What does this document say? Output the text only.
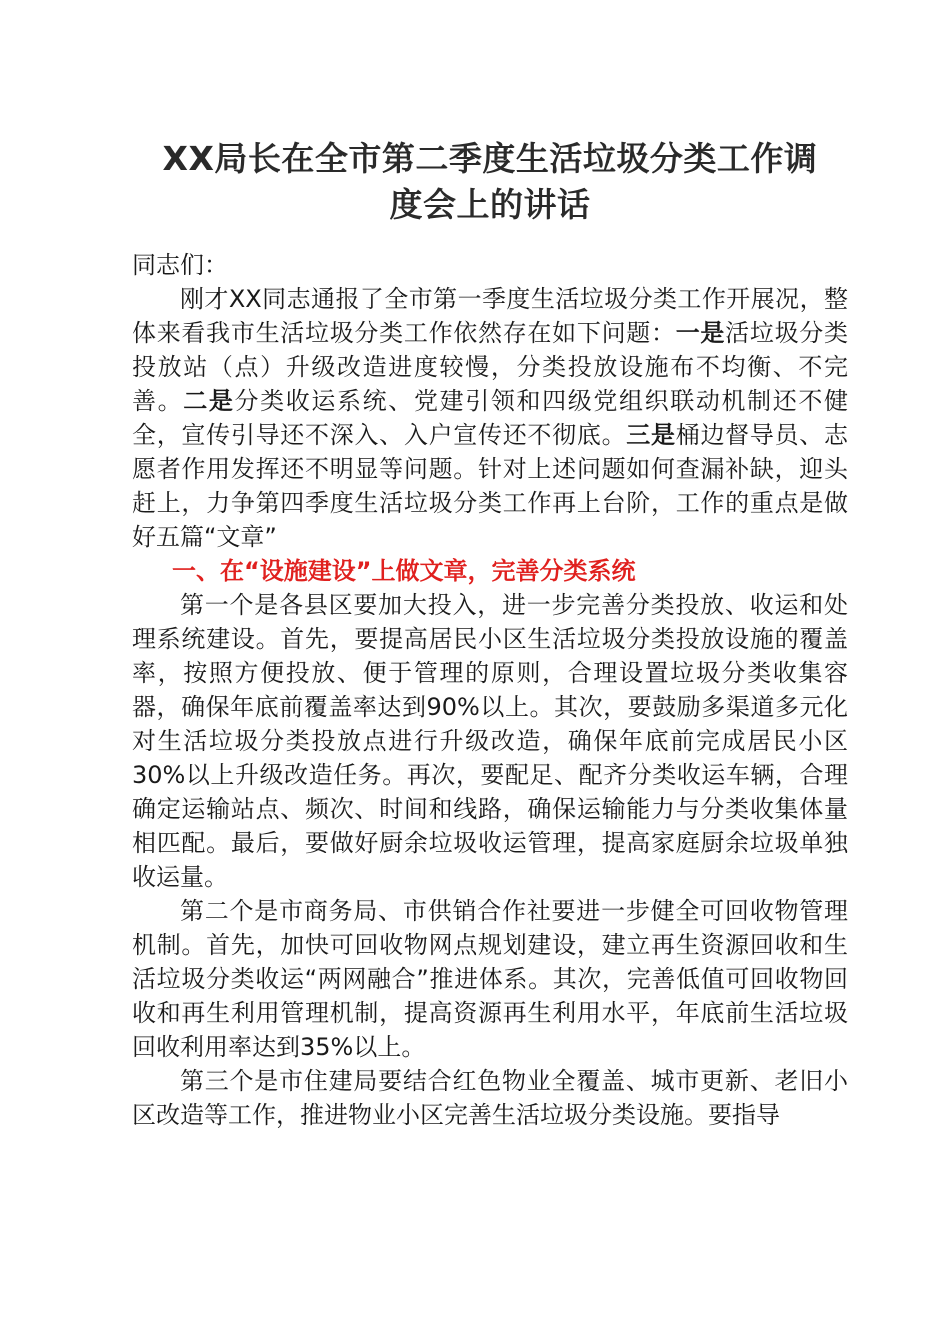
XX局长在全市第二季度生活垃圾分类工作调
度会上的讲话

同志们：

刚才XX同志通报了全市第一季度生活垃圾分类工作开展况，整体来看我市生活垃圾分类工作依然存在如下问题：一是活垃圾分类投放站（点）升级改造进度较慢，分类投放设施布不均衡、不完善。二是分类收运系统、党建引领和四级党组织联动机制还不健全，宣传引导还不深入、入户宣传还不彻底。三是桶边督导员、志愿者作用发挥还不明显等问题。针对上述问题如何查漏补缺，迎头赶上，力争第四季度生活垃圾分类工作再上台阶，工作的重点是做好五篇“文章”

一、在“设施建设”上做文章，完善分类系统

第一个是各县区要加大投入，进一步完善分类投放、收运和处理系统建设。首先，要提高居民小区生活垃圾分类投放设施的覆盖率，按照方便投放、便于管理的原则，合理设置垃圾分类收集容器，确保年底前覆盖率达到90%以上。其次，要鼓励多渠道多元化对生活垃圾分类投放点进行升级改造，确保年底前完成居民小区30%以上升级改造任务。再次，要配足、配齐分类收运车辆，合理确定运输站点、频次、时间和线路，确保运输能力与分类收集体量相匹配。最后，要做好厨余垃圾收运管理，提高家庭厨余垃圾单独收运量。

第二个是市商务局、市供销合作社要进一步健全可回收物管理机制。首先，加快可回收物网点规划建设，建立再生资源回收和生活垃圾分类收运“两网融合”推进体系。其次，完善低值可回收物回收和再生利用管理机制，提高资源再生利用水平，年底前生活垃圾回收利用率达到35%以上。

第三个是市住建局要结合红色物业全覆盖、城市更新、老旧小区改造等工作，推进物业小区完善生活垃圾分类设施。要指导
